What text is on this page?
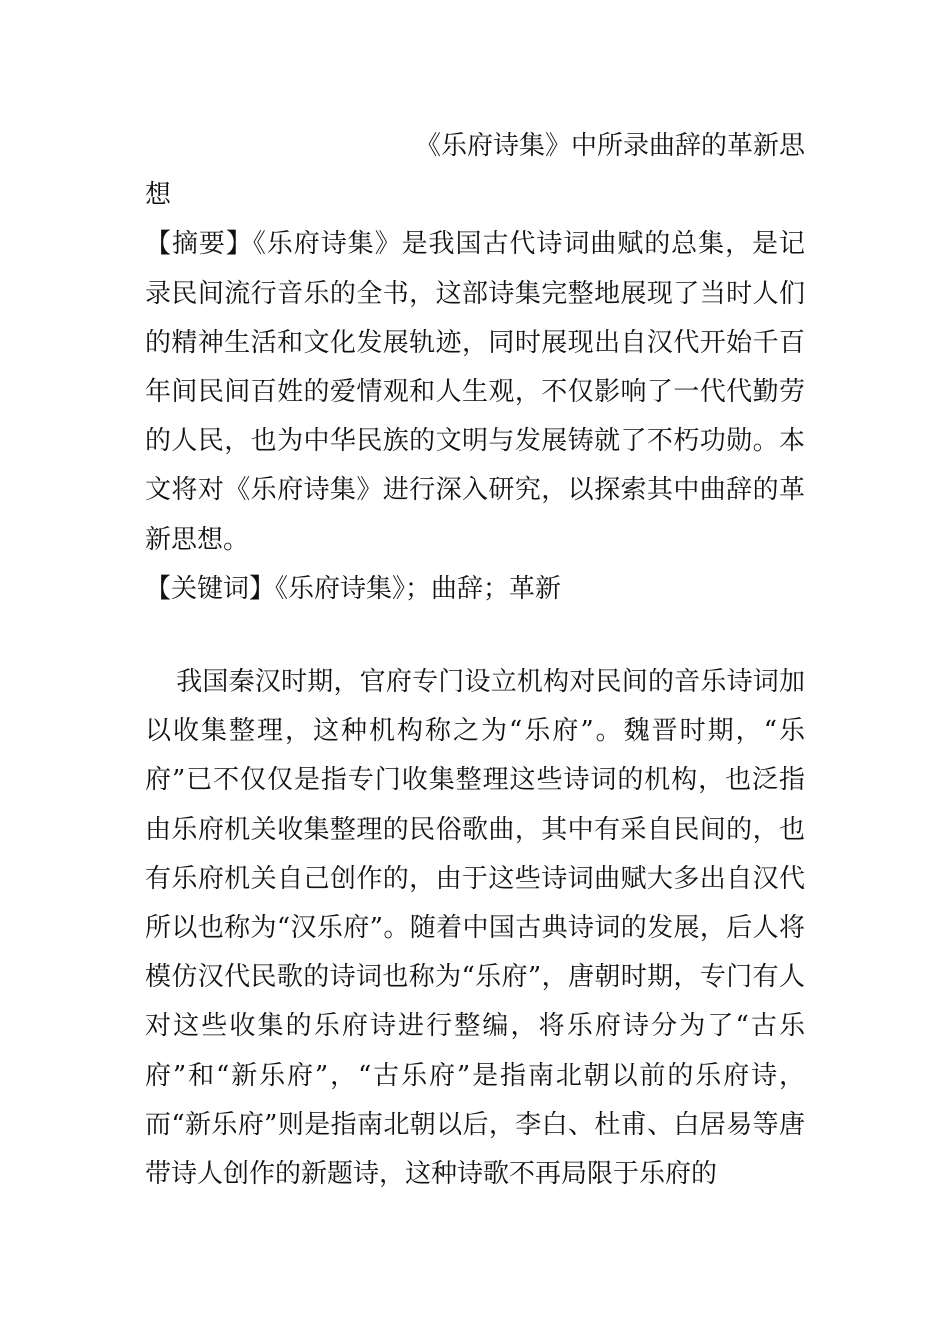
《乐府诗集》中所录曲辞的革新思

想

【摘要】《乐府诗集》是我国古代诗词曲赋的总集，是记录民间流行音乐的全书，这部诗集完整地展现了当时人们的精神生活和文化发展轨迹，同时展现出自汉代开始千百年间民间百姓的爱情观和人生观，不仅影响了一代代勤劳的人民，也为中华民族的文明与发展铸就了不朽功勋。本文将对《乐府诗集》进行深入研究，以探索其中曲辞的革新思想。

【关键词】《乐府诗集》；曲辞；革新

我国秦汉时期，官府专门设立机构对民间的音乐诗词加以收集整理，这种机构称之为“乐府”。魏晋时期，“乐府”已不仅仅是指专门收集整理这些诗词的机构，也泛指由乐府机关收集整理的民俗歌曲，其中有采自民间的，也有乐府机关自己创作的，由于这些诗词曲赋大多出自汉代所以也称为“汉乐府”。随着中国古典诗词的发展，后人将模仿汉代民歌的诗词也称为“乐府”，唐朝时期，专门有人对这些收集的乐府诗进行整编，将乐府诗分为了“古乐府”和“新乐府”，“古乐府”是指南北朝以前的乐府诗，而“新乐府”则是指南北朝以后，李白、杜甫、白居易等唐带诗人创作的新题诗，这种诗歌不再局限于乐府的
